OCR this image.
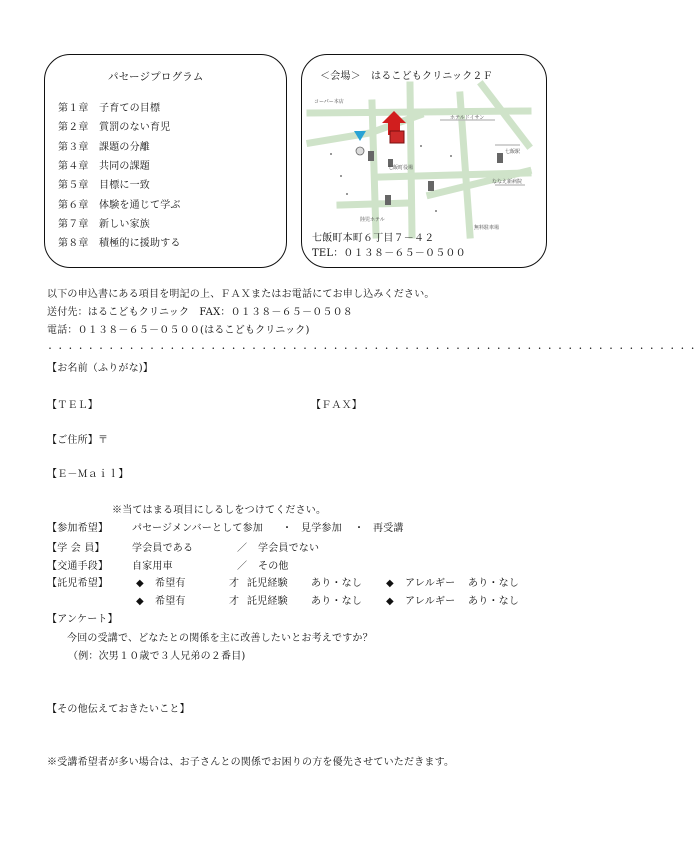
パセージプログラム
第１章 子育ての目標
第２章 賞罰のない育児
第３章 課題の分離
第４章 共同の課題
第５章 目標に一致
第６章 体験を通じて学ぶ
第７章 新しい家族
第８章 積極的に援助する
＜会場＞　はるこどもクリニック２Ｆ
コーパー本店
ホテルドイサン
七飯駅
ななえ新病院
陸児ホテル
無料駐車場
七飯町役場
七飯町本町６丁目７－４２
TEL：０１３８－６５－０５００
以下の申込書にある項目を明記の上、ＦＡＸまたはお電話にてお申し込みください。
送付先：はるこどもクリニック　FAX：０１３８－６５－０５０８
電話：０１３８－６５－０５００(はるこどもクリニック)
・・・・・・・・・・・・・・・・・・・・・・・・・・・・・・・・・・・・・・・・・・・・・・・・・・・・・・・・・・・・・・・・
【お名前（ふりがな)】
【ＴＥＬ】	【ＦＡＸ】
【ご住所】〒
【Ｅ－Ｍａｉｌ】
※当てはまる項目にしるしをつけてください。
【参加希望】 パセージメンバーとして参加 ・ 見学参加 ・ 再受講
【学 会 員】	学会員である	／ 学会員でない
【交通手段】 自家用車	／ その他
【託児希望】	◆ 希望有	才 託児経験 あり・なし ◆ アレルギー あり・なし
◆ 希望有	才 託児経験 あり・なし ◆ アレルギー あり・なし
【アンケート】
今回の受講で、どなたとの関係を主に改善したいとお考えですか？
（例：次男１０歳で３人兄弟の２番目)
【その他伝えておきたいこと】
※受講希望者が多い場合は、お子さんとの関係でお困りの方を優先させていただきます。
